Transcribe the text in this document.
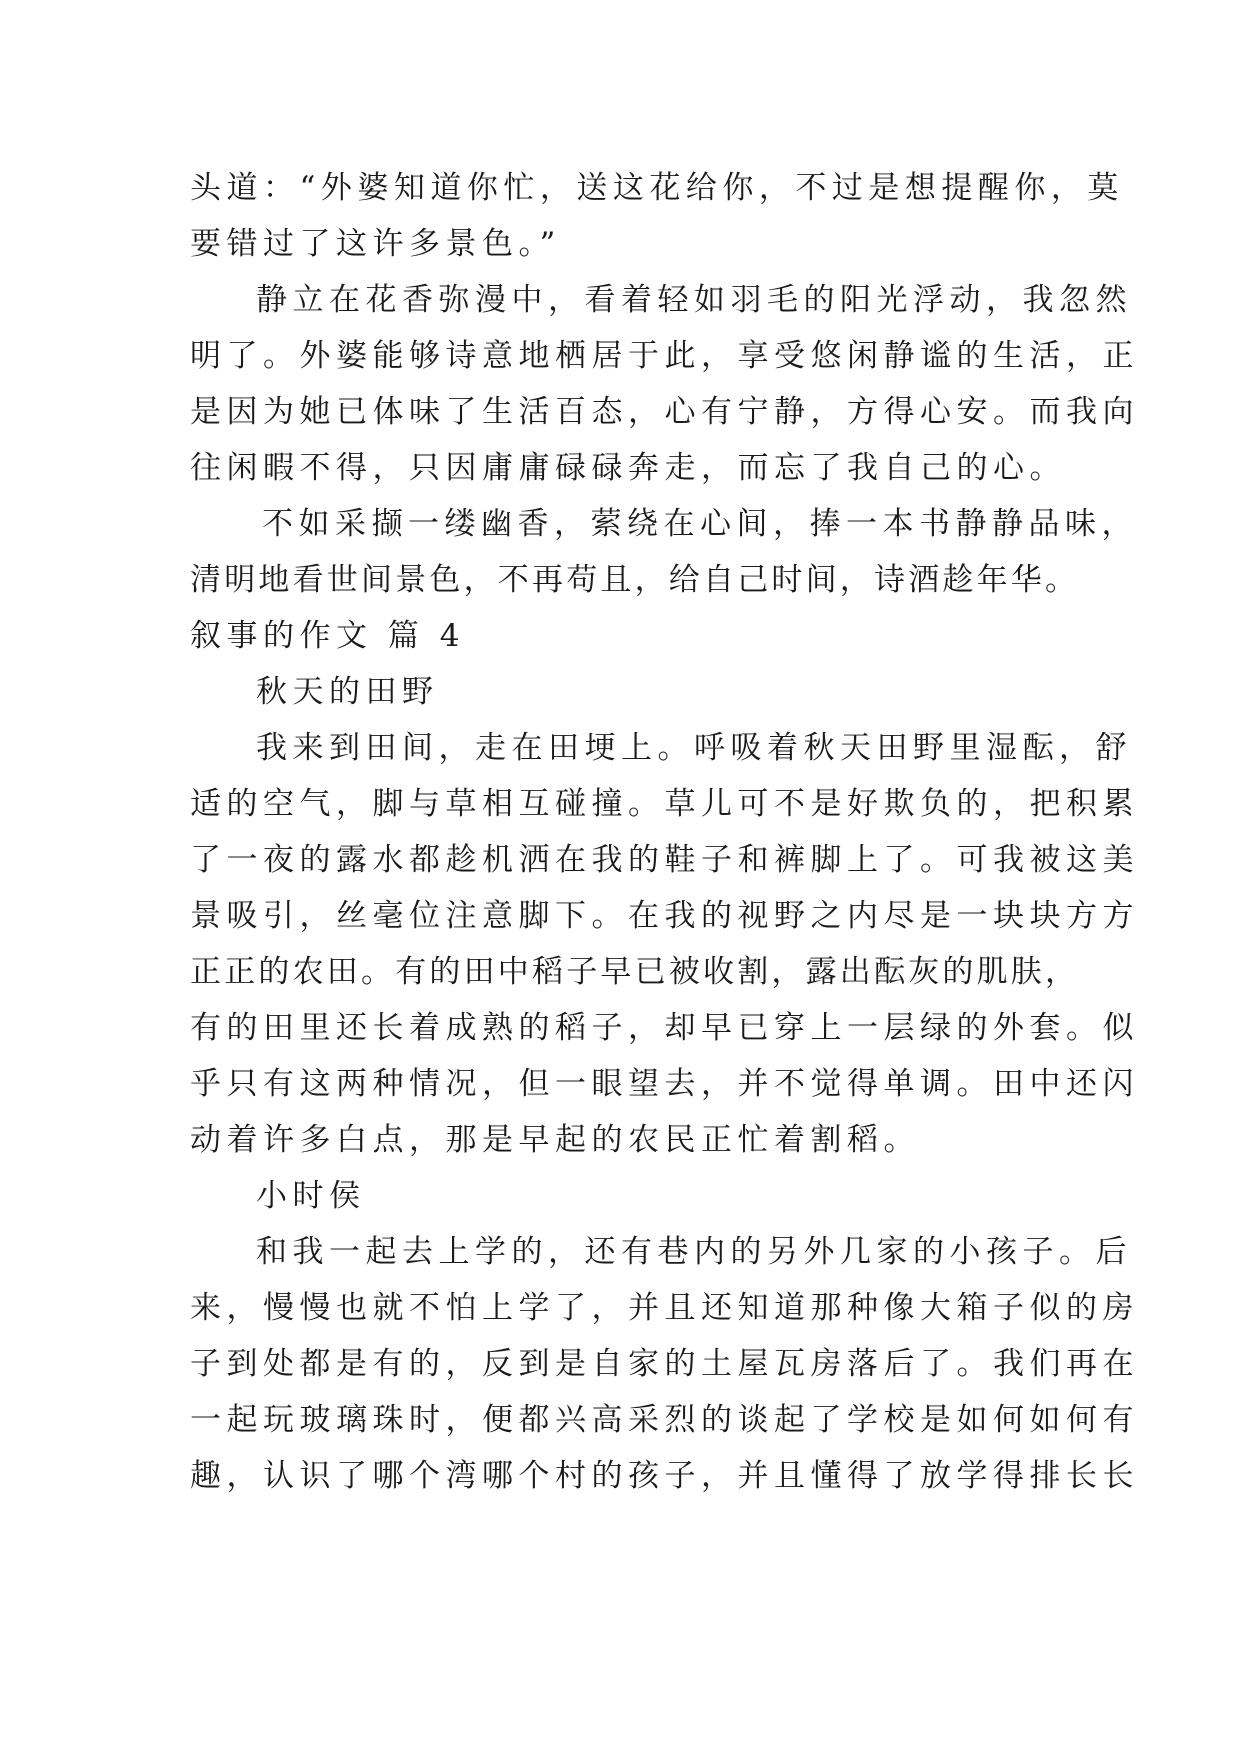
头道：“外婆知道你忙，送这花给你，不过是想提醒你，莫
要错过了这许多景色。”
静立在花香弥漫中，看着轻如羽毛的阳光浮动，我忽然
明了。外婆能够诗意地栖居于此，享受悠闲静谧的生活，正
是因为她已体味了生活百态，心有宁静，方得心安。而我向
往闲暇不得，只因庸庸碌碌奔走，而忘了我自己的心。
不如采撷一缕幽香，萦绕在心间，捧一本书静静品味，
清明地看世间景色，不再苟且，给自己时间，诗酒趁年华。
叙事的作文 篇 4
秋天的田野
我来到田间，走在田埂上。呼吸着秋天田野里湿酝，舒
适的空气，脚与草相互碰撞。草儿可不是好欺负的，把积累
了一夜的露水都趁机洒在我的鞋子和裤脚上了。可我被这美
景吸引，丝毫位注意脚下。在我的视野之内尽是一块块方方
正正的农田。有的田中稻子早已被收割，露出酝灰的肌肤，
有的田里还长着成熟的稻子，却早已穿上一层绿的外套。似
乎只有这两种情况，但一眼望去，并不觉得单调。田中还闪
动着许多白点，那是早起的农民正忙着割稻。
小时侯
和我一起去上学的，还有巷内的另外几家的小孩子。后
来，慢慢也就不怕上学了，并且还知道那种像大箱子似的房
子到处都是有的，反到是自家的土屋瓦房落后了。我们再在
一起玩玻璃珠时，便都兴高采烈的谈起了学校是如何如何有
趣，认识了哪个湾哪个村的孩子，并且懂得了放学得排长长
